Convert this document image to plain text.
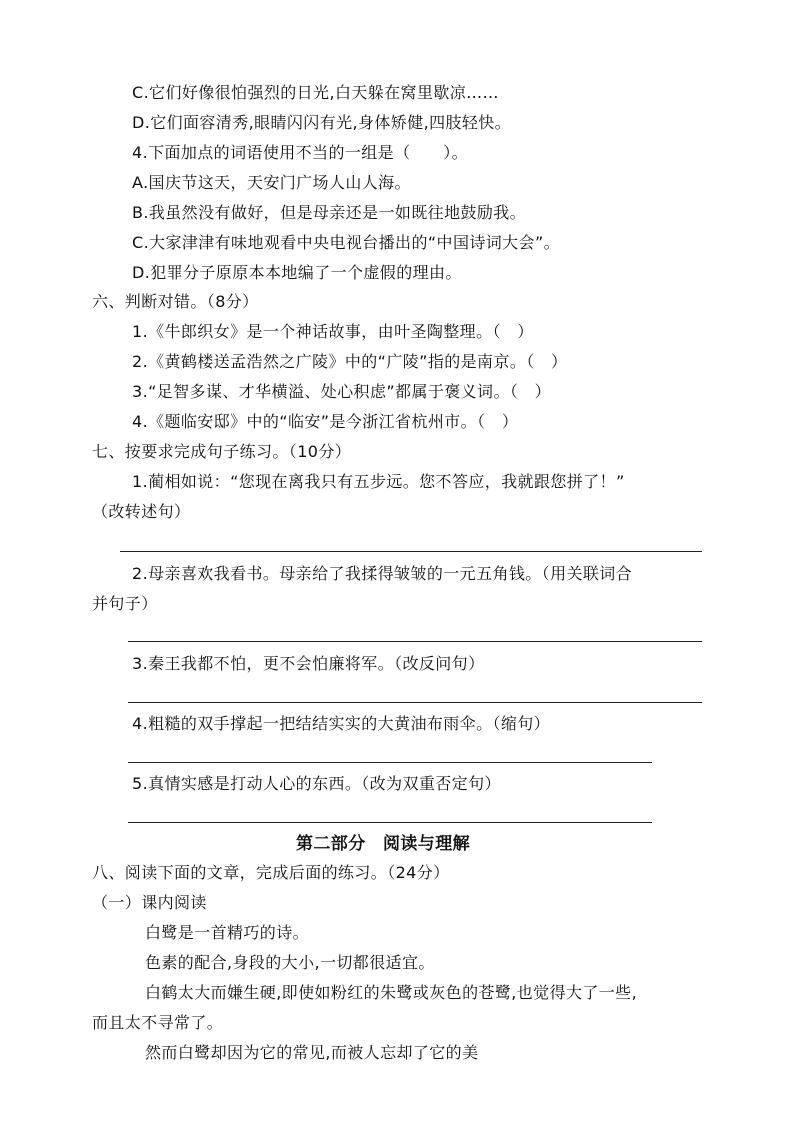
C.它们好像很怕强烈的日光,白天躲在窝里歇凉……
D.它们面容清秀,眼睛闪闪有光,身体矫健,四肢轻快。
4.下面加点的词语使用不当的一组是（　　）。
A.国庆节这天，天安门广场人山人海。
B.我虽然没有做好，但是母亲还是一如既往地鼓励我。
C.大家津津有味地观看中央电视台播出的“中国诗词大会”。
D.犯罪分子原原本本地编了一个虚假的理由。
六、判断对错。（8分）
1.《牛郎织女》是一个神话故事，由叶圣陶整理。（　）
2.《黄鹤楼送孟浩然之广陵》中的“广陵”指的是南京。（　）
3.“足智多谋、才华横溢、处心积虑”都属于褒义词。（　）
4.《题临安邸》中的“临安”是今浙江省杭州市。（　）
七、按要求完成句子练习。（10分）
1.蔺相如说：“您现在离我只有五步远。您不答应，我就跟您拼了！”
（改转述句）
2.母亲喜欢我看书。母亲给了我揉得皱皱的一元五角钱。（用关联词合
并句子）
3.秦王我都不怕，更不会怕廉将军。（改反问句）
4.粗糙的双手撑起一把结结实实的大黄油布雨伞。（缩句）
5.真情实感是打动人心的东西。（改为双重否定句）
第二部分　阅读与理解
八、阅读下面的文章，完成后面的练习。（24分）
（一）课内阅读
白鹭是一首精巧的诗。
色素的配合,身段的大小,一切都很适宜。
白鹤太大而嫌生硬,即使如粉红的朱鹭或灰色的苍鹭,也觉得大了一些,
而且太不寻常了。
然而白鹭却因为它的常见,而被人忘却了它的美
